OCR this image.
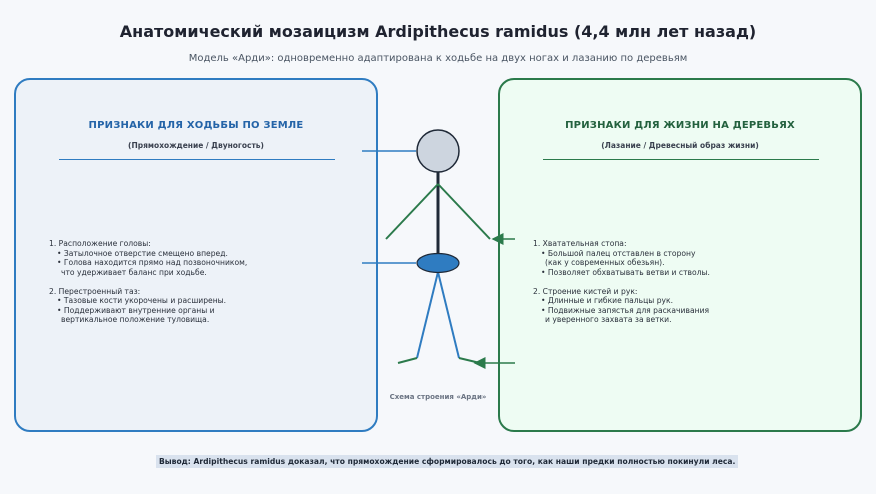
Анатомический мозаицизм Ardipithecus ramidus (4,4 млн лет назад)
Модель «Арди»: одновременно адаптирована к ходьбе на двух ногах и лазанию по деревьям
ПРИЗНАКИ ДЛЯ ХОДЬБЫ ПО ЗЕМЛЕ
(Прямохождение / Двуногость)

1. Расположение головы:

• Затылочное отверстие смещено вперед.

• Голова находится прямо над позвоночником,

что удерживает баланс при ходьбе.

2. Перестроенный таз:

• Тазовые кости укорочены и расширены.

• Поддерживают внутренние органы и

вертикальное положение туловища.

ПРИЗНАКИ ДЛЯ ЖИЗНИ НА ДЕРЕВЬЯХ
(Лазание / Древесный образ жизни)

1. Хватательная стопа:

• Большой палец отставлен в сторону

(как у современных обезьян).

• Позволяет обхватывать ветви и стволы.

2. Строение кистей и рук:

• Длинные и гибкие пальцы рук.

• Подвижные запястья для раскачивания

и уверенного захвата за ветки.

Схема строения «Арди»
Вывод: Ardipithecus ramidus доказал, что прямохождение сформировалось до того, как наши предки полностью покинули леса.
